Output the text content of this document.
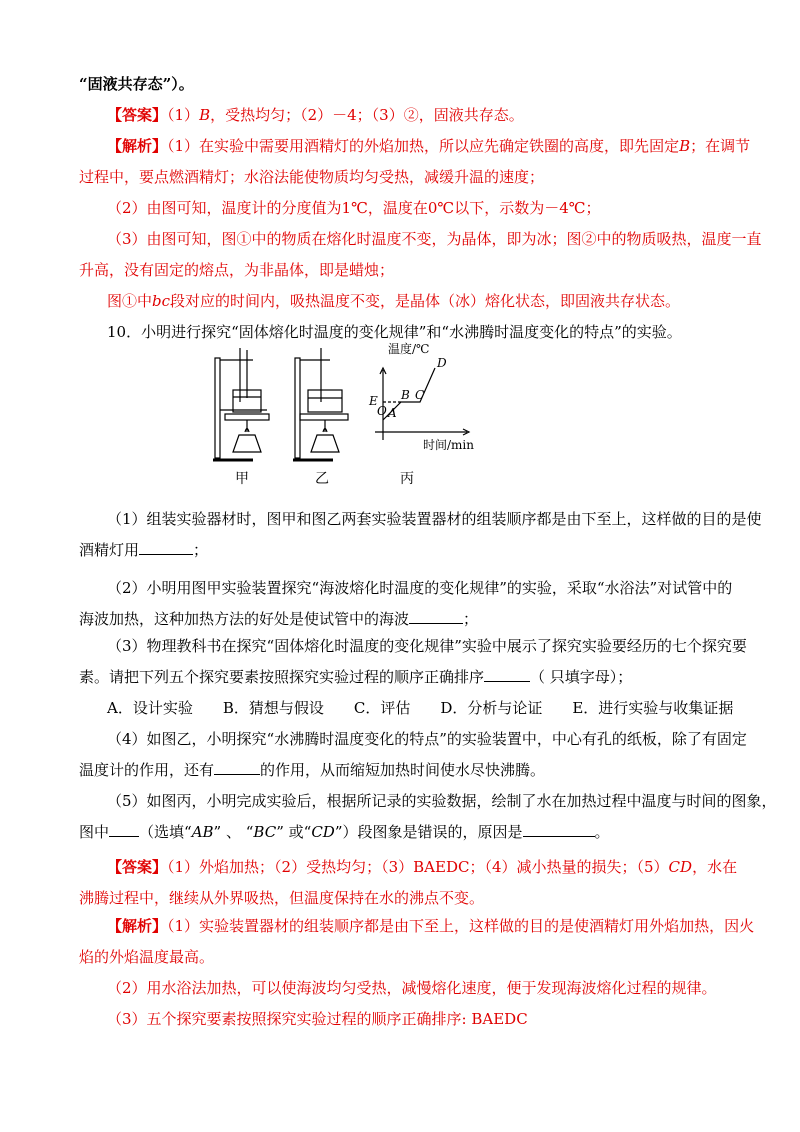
“固液共存态”）。
【答案】（1）B，受热均匀；（2）－4；（3）②，固液共存态。
【解析】（1）在实验中需要用酒精灯的外焰加热，所以应先确定铁圈的高度，即先固定B；在调节
过程中，要点燃酒精灯；水浴法能使物质均匀受热，减缓升温的速度；
（2）由图可知，温度计的分度值为1℃，温度在0℃以下，示数为－4℃；
（3）由图可知，图①中的物质在熔化时温度不变，为晶体，即为冰；图②中的物质吸热，温度一直
升高，没有固定的熔点，为非晶体，即是蜡烛；
图①中bc段对应的时间内，吸热温度不变，是晶体（冰）熔化状态，即固液共存状态。
10．小明进行探究“固体熔化时温度的变化规律”和“水沸腾时温度变化的特点”的实验。
O
E
A
B C
D
温度/℃
时间/min
甲	乙	丙
（1）组装实验器材时，图甲和图乙两套实验装置器材的组装顺序都是由下至上，这样做的目的是使
酒精灯用	；
（2）小明用图甲实验装置探究“海波熔化时温度的变化规律”的实验，采取“水浴法”对试管中的
海波加热，这种加热方法的好处是使试管中的海波	；
（3）物理教科书在探究“固体熔化时温度的变化规律”实验中展示了探究实验要经历的七个探究要
素。请把下列五个探究要素按照探究实验过程的顺序正确排序	（ 只填字母）；
A．设计实验　　B．猜想与假设　　C．评估　　D．分析与论证　　E．进行实验与收集证据
（4）如图乙，小明探究“水沸腾时温度变化的特点”的实验装置中，中心有孔的纸板，除了有固定
温度计的作用，还有	的作用，从而缩短加热时间使水尽快沸腾。
（5）如图丙，小明完成实验后，根据所记录的实验数据，绘制了水在加热过程中温度与时间的图象，
图中 （选填“AB” 、 “BC” 或“CD”）段图象是错误的，原因是	。
【答案】（1）外焰加热；（2）受热均匀；（3）BAEDC；（4）减小热量的损失；（5）CD，水在
沸腾过程中，继续从外界吸热，但温度保持在水的沸点不变。
【解析】（1）实验装置器材的组装顺序都是由下至上，这样做的目的是使酒精灯用外焰加热，因火
焰的外焰温度最高。
（2）用水浴法加热，可以使海波均匀受热，减慢熔化速度，便于发现海波熔化过程的规律。
（3）五个探究要素按照探究实验过程的顺序正确排序: BAEDC
